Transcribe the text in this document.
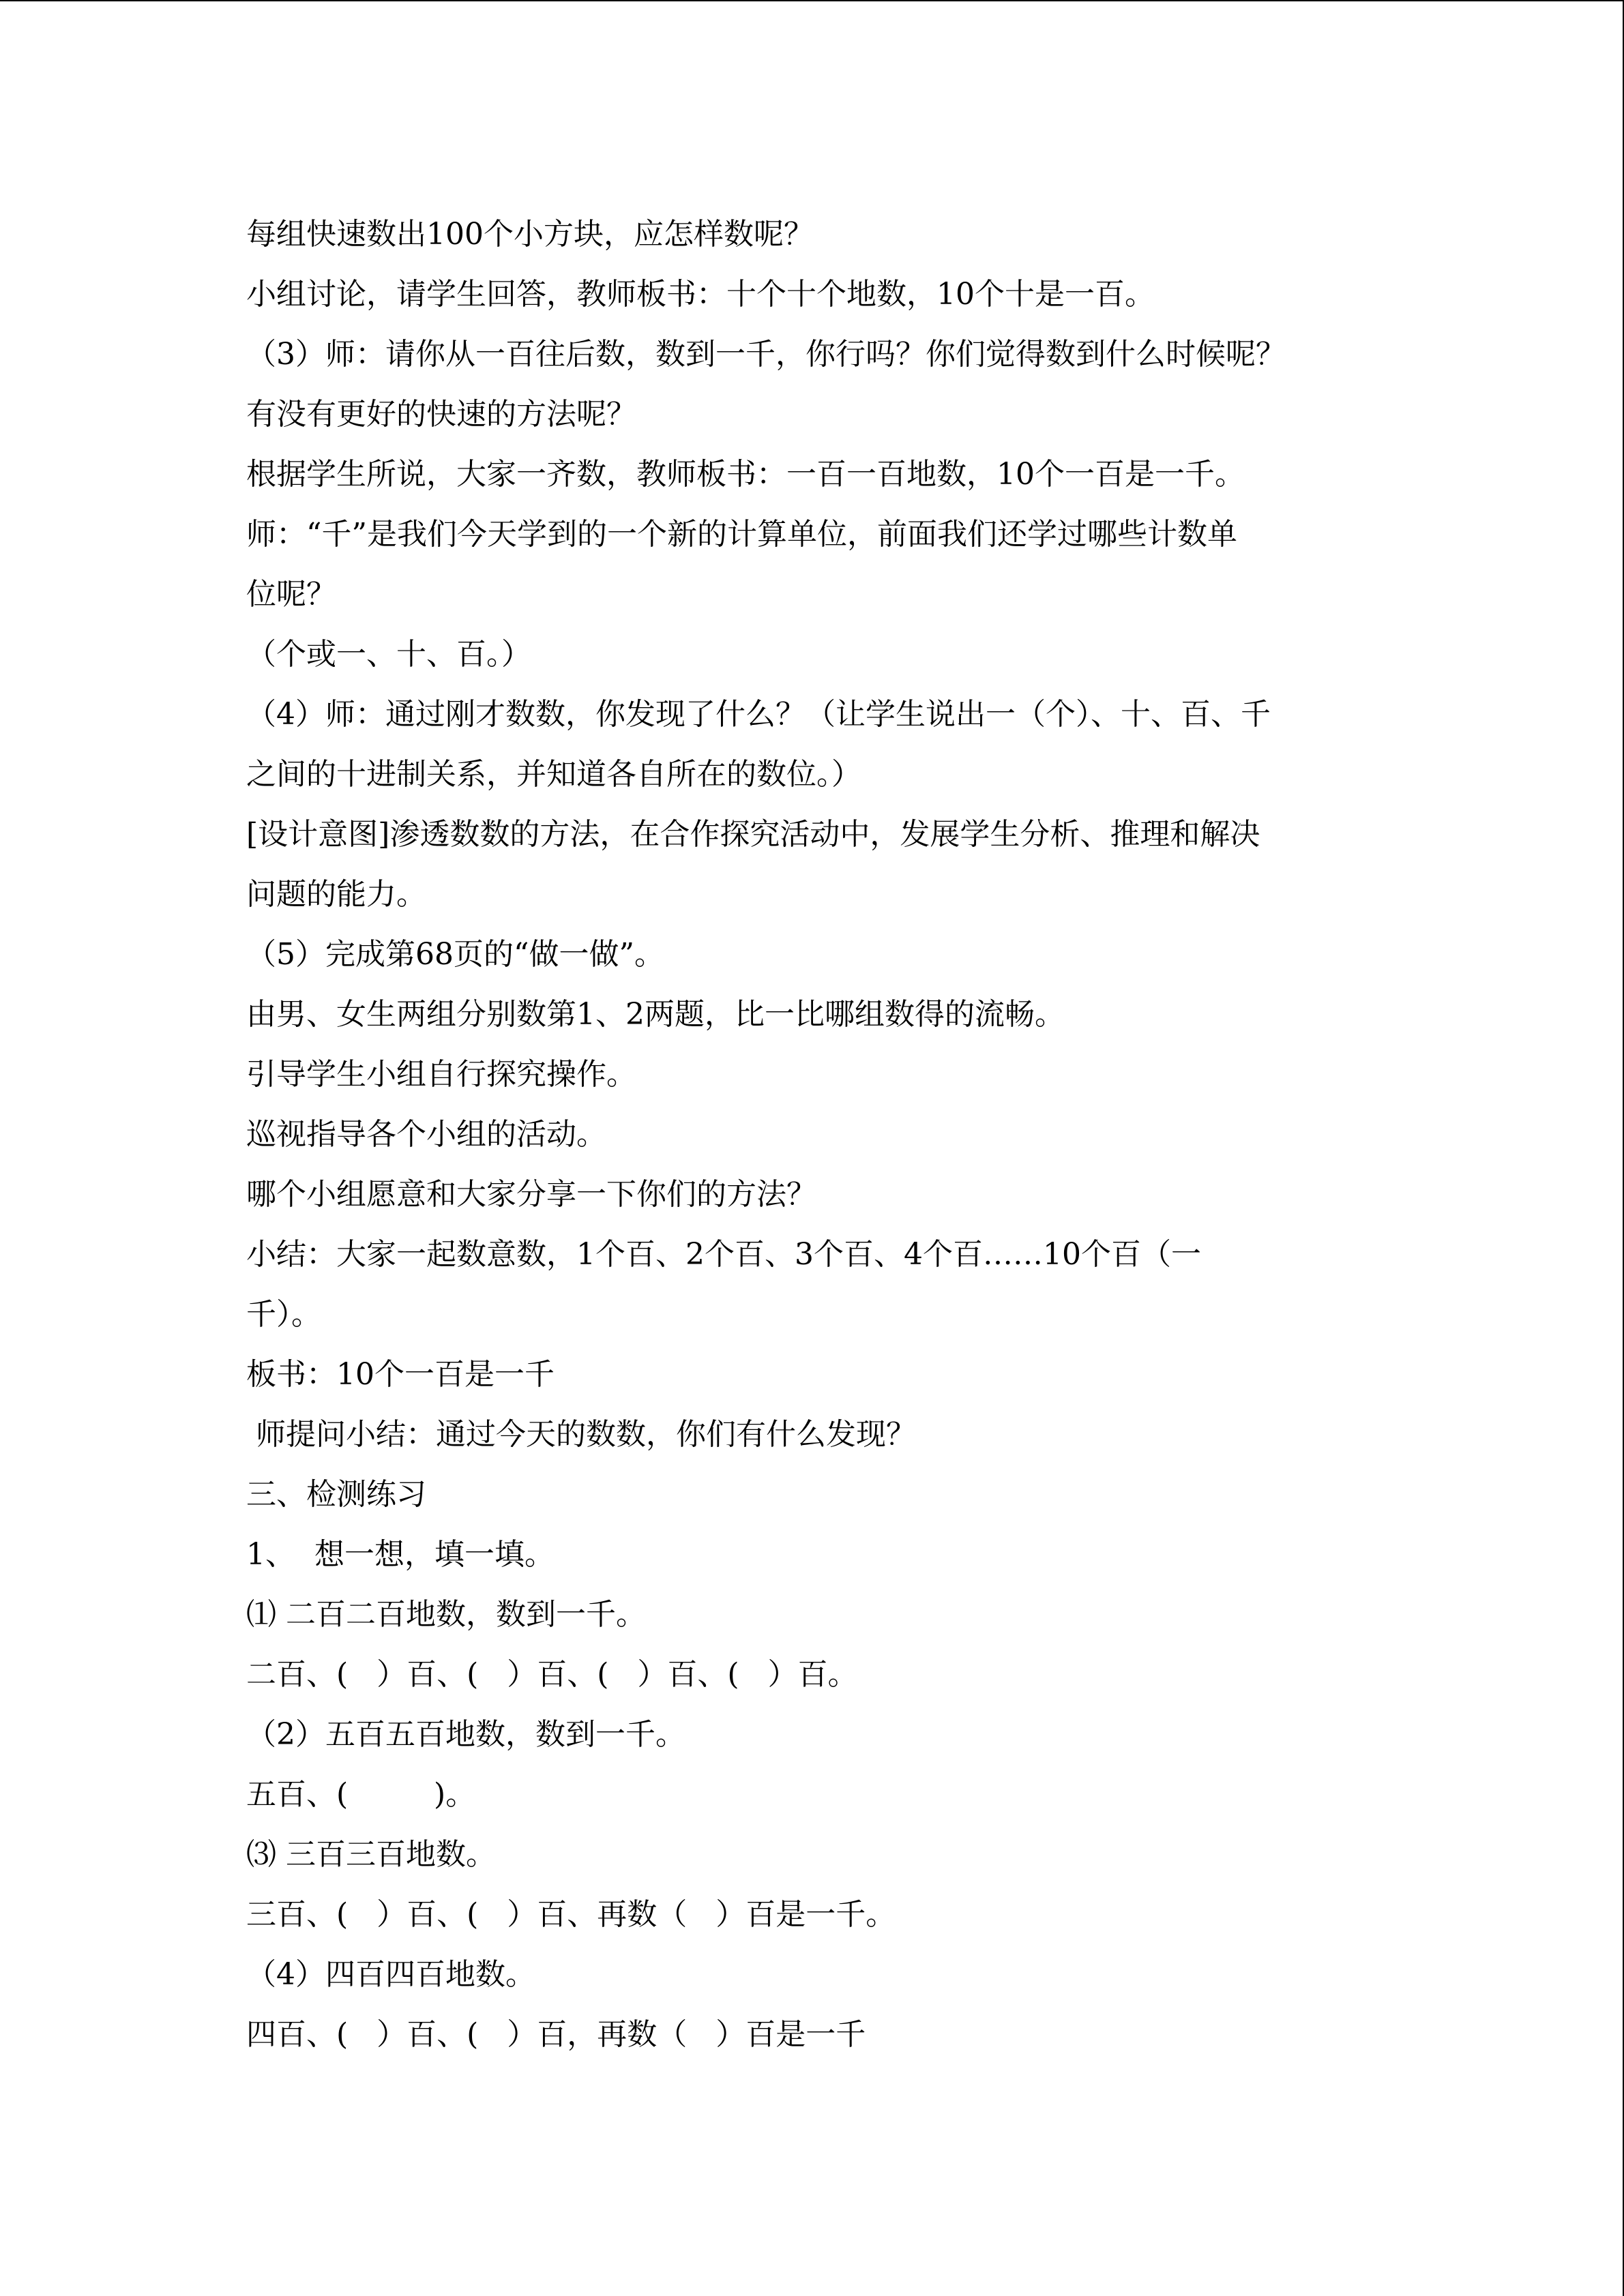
每组快速数出100个小方块，应怎样数呢？
小组讨论，请学生回答，教师板书：十个十个地数，10个十是一百。
（3）师：请你从一百往后数，数到一千，你行吗？你们觉得数到什么时候呢？
有没有更好的快速的方法呢？
根据学生所说，大家一齐数，教师板书：一百一百地数，10个一百是一千。
师：“千”是我们今天学到的一个新的计算单位，前面我们还学过哪些计数单
位呢？
（个或一、十、百。）
（4）师：通过刚才数数，你发现了什么？（让学生说出一（个）、十、百、千
之间的十进制关系，并知道各自所在的数位。）
[设计意图]渗透数数的方法，在合作探究活动中，发展学生分析、推理和解决
问题的能力。
（5）完成第68页的“做一做”。
由男、女生两组分别数第1、2两题，比一比哪组数得的流畅。
引导学生小组自行探究操作。
巡视指导各个小组的活动。
哪个小组愿意和大家分享一下你们的方法？
小结：大家一起数意数，1个百、2个百、3个百、4个百……10个百（一
千）。
板书：10个一百是一千
师提问小结：通过今天的数数，你们有什么发现？
三、检测练习
1、  想一想，填一填。
⑴ 二百二百地数，数到一千。
二百、(   ）百、(   ）百、(   ）百、(   ）百。
（2）五百五百地数，数到一千。
五百、(         )。
⑶ 三百三百地数。
三百、(   ）百、(   ）百、再数（   ）百是一千。
（4）四百四百地数。
四百、(   ）百、(   ）百，再数（   ）百是一千
